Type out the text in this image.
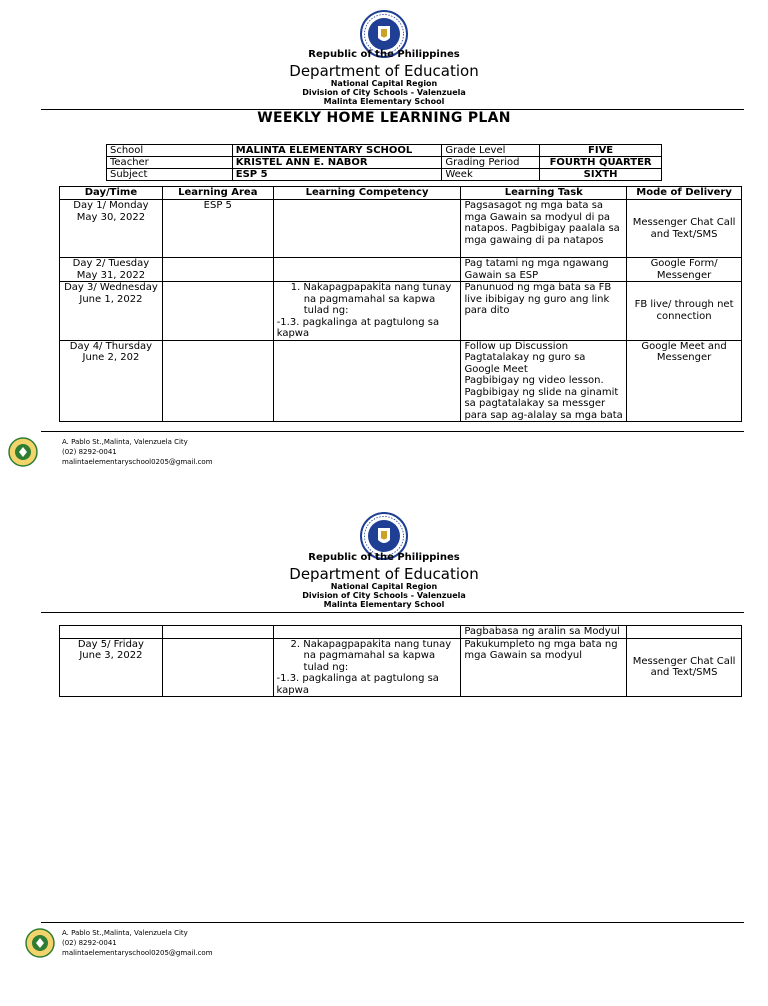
Republic of the Philippines
Department of Education
National Capital Region
Division of City Schools - Valenzuela
Malinta Elementary School
WEEKLY HOME LEARNING PLAN
School	MALINTA ELEMENTARY SCHOOL	Grade Level	FIVE
Teacher	KRISTEL ANN E. NABOR	Grading Period	FOURTH QUARTER
Subject	ESP 5	Week	SIXTH
Day/Time	Learning Area	Learning Competency	Learning Task	Mode of Delivery
Day 1/ Monday
May 30, 2022	ESP 5		Pagsasagot ng mga bata sa mga Gawain sa modyul di pa natapos. Pagbibigay paalala sa mga gawaing di pa natapos	Messenger Chat Call and Text/SMS
Day 2/ Tuesday
May 31, 2022			Pag tatami ng mga ngawang Gawain sa ESP	Google Form/ Messenger
Day 3/ Wednesday
June 1, 2022		1. Nakapagpapakita nang tunay
na pagmamahal sa kapwa
tulad ng:
-1.3. pagkalinga at pagtulong sa kapwa	Panunuod ng mga bata sa FB live ibibigay ng guro ang link para dito	FB live/ through net connection
Day 4/ Thursday
June 2, 202			Follow up Discussion
Pagtatalakay ng guro sa Google Meet
Pagbibigay ng video lesson.
Pagbibigay ng slide na ginamit sa pagtatalakay sa messger para sap ag-alalay sa mga bata	Google Meet and Messenger
A. Pablo St.,Malinta, Valenzuela City
(02) 8292-0041
malintaelementaryschool0205@gmail.com
Republic of the Philippines
Department of Education
National Capital Region
Division of City Schools - Valenzuela
Malinta Elementary School
			Pagbabasa ng aralin sa Modyul	
Day 5/ Friday
June 3, 2022		2. Nakapagpapakita nang tunay
na pagmamahal sa kapwa
tulad ng:
-1.3. pagkalinga at pagtulong sa kapwa	Pakukumpleto ng mga bata ng mga Gawain sa modyul	Messenger Chat Call and Text/SMS
A. Pablo St.,Malinta, Valenzuela City
(02) 8292-0041
malintaelementaryschool0205@gmail.com
